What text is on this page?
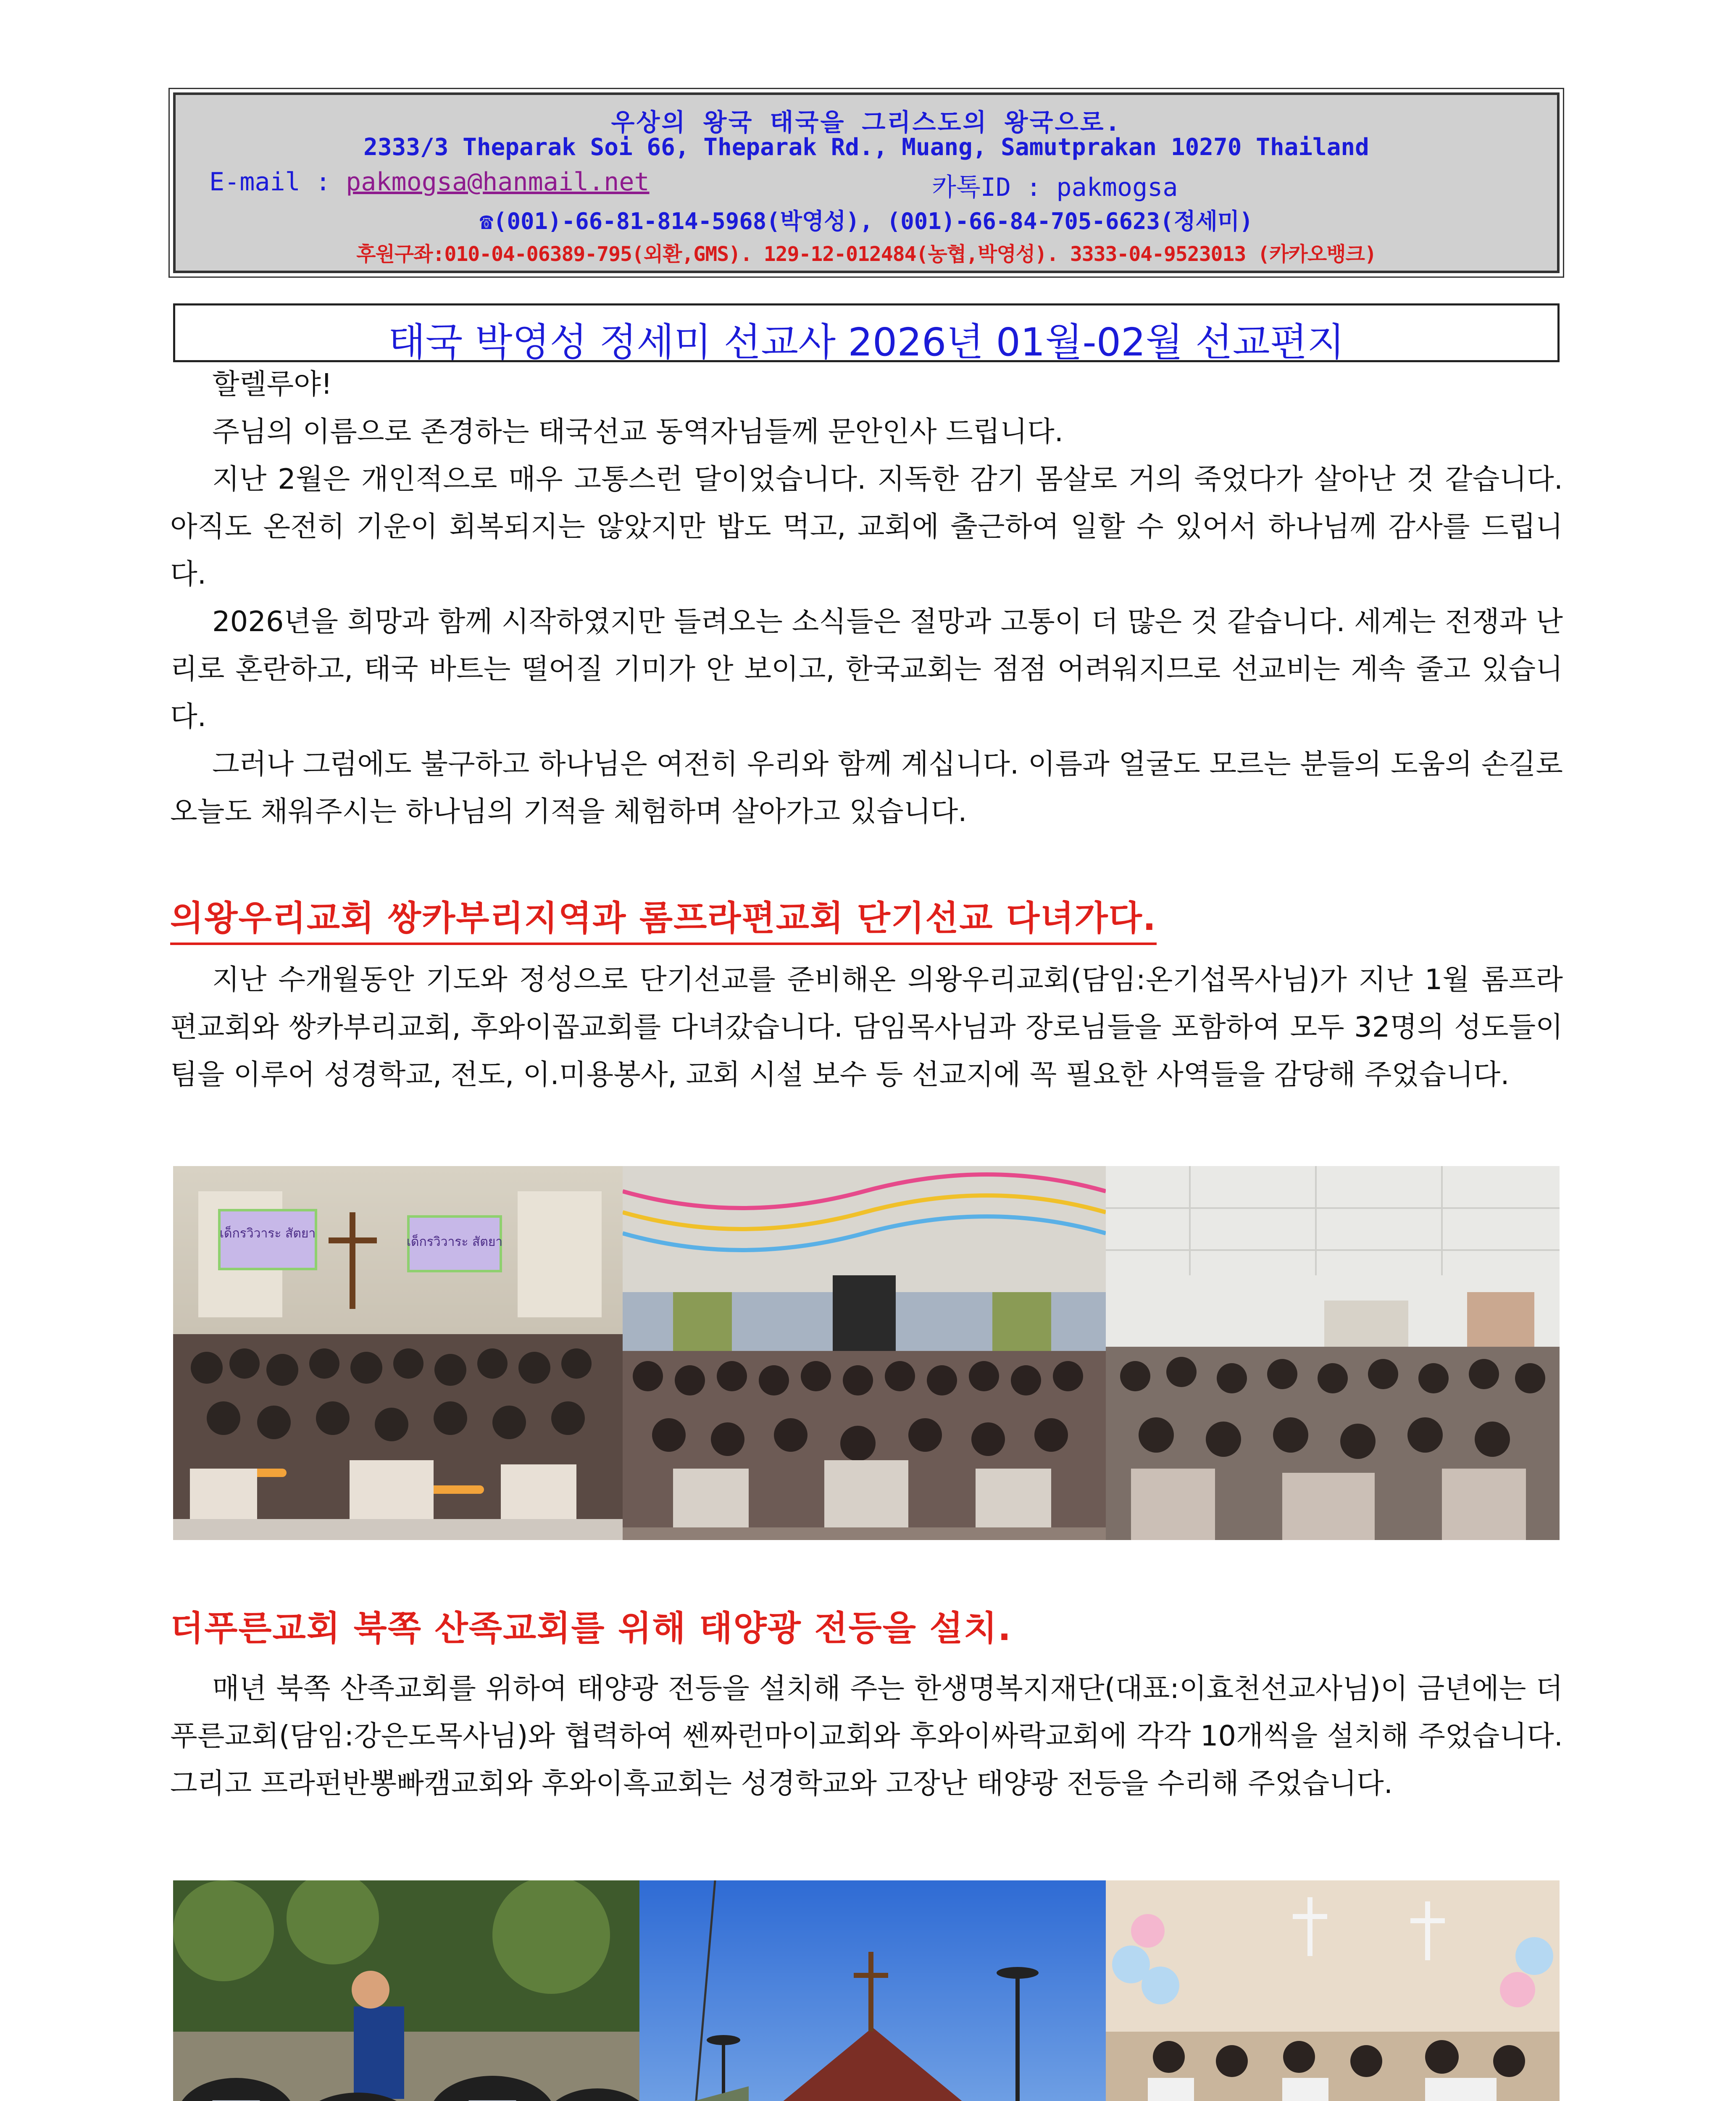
우상의 왕국 태국을 그리스도의 왕국으로.
2333/3 Theparak Soi 66, Theparak Rd., Muang, Samutprakan 10270 Thailand
E-mail : pakmogsa@hanmail.net	카톡ID : pakmogsa
☎(001)-66-81-814-5968(박영성), (001)-66-84-705-6623(정세미)
후원구좌:010-04-06389-795(외환,GMS). 129-12-012484(농협,박영성). 3333-04-9523013 (카카오뱅크)
태국 박영성 정세미 선교사 2026년 01월-02월 선교편지

할렐루야!

주님의 이름으로 존경하는 태국선교 동역자님들께 문안인사 드립니다.

지난 2월은 개인적으로 매우 고통스런 달이었습니다. 지독한 감기 몸살로 거의 죽었다가 살아난 것 같습니다. 아직도 온전히 기운이 회복되지는 않았지만 밥도 먹고, 교회에 출근하여 일할 수 있어서 하나님께 감사를 드립니다.

2026년을 희망과 함께 시작하였지만 들려오는 소식들은 절망과 고통이 더 많은 것 같습니다. 세계는 전쟁과 난리로 혼란하고, 태국 바트는 떨어질 기미가 안 보이고, 한국교회는 점점 어려워지므로 선교비는 계속 줄고 있습니다.

그러나 그럼에도 불구하고 하나님은 여전히 우리와 함께 계십니다. 이름과 얼굴도 모르는 분들의 도움의 손길로 오늘도 채워주시는 하나님의 기적을 체험하며 살아가고 있습니다.

의왕우리교회 쌍카부리지역과 롬프라편교회 단기선교 다녀가다.

지난 수개월동안 기도와 정성으로 단기선교를 준비해온 의왕우리교회(담임:온기섭목사님)가 지난 1월 롬프라편교회와 쌍카부리교회, 후와이꼽교회를 다녀갔습니다. 담임목사님과 장로님들을 포함하여 모두 32명의 성도들이 팀을 이루어 성경학교, 전도, 이.미용봉사, 교회 시설 보수 등 선교지에 꼭 필요한 사역들을 감당해 주었습니다.

เด็กรวิวาระ สัตยา
เด็กรวิวาระ สัตยา
더푸른교회 북쪽 산족교회를 위해 태양광 전등을 설치.

매년 북쪽 산족교회를 위하여 태양광 전등을 설치해 주는 한생명복지재단(대표:이효천선교사님)이 금년에는 더푸른교회(담임:강은도목사님)와 협력하여 쎈짜런마이교회와 후와이싸락교회에 각각 10개씩을 설치해 주었습니다. 그리고 프라펀반뽕빠캠교회와 후와이흑교회는 성경학교와 고장난 태양광 전등을 수리해 주었습니다.
